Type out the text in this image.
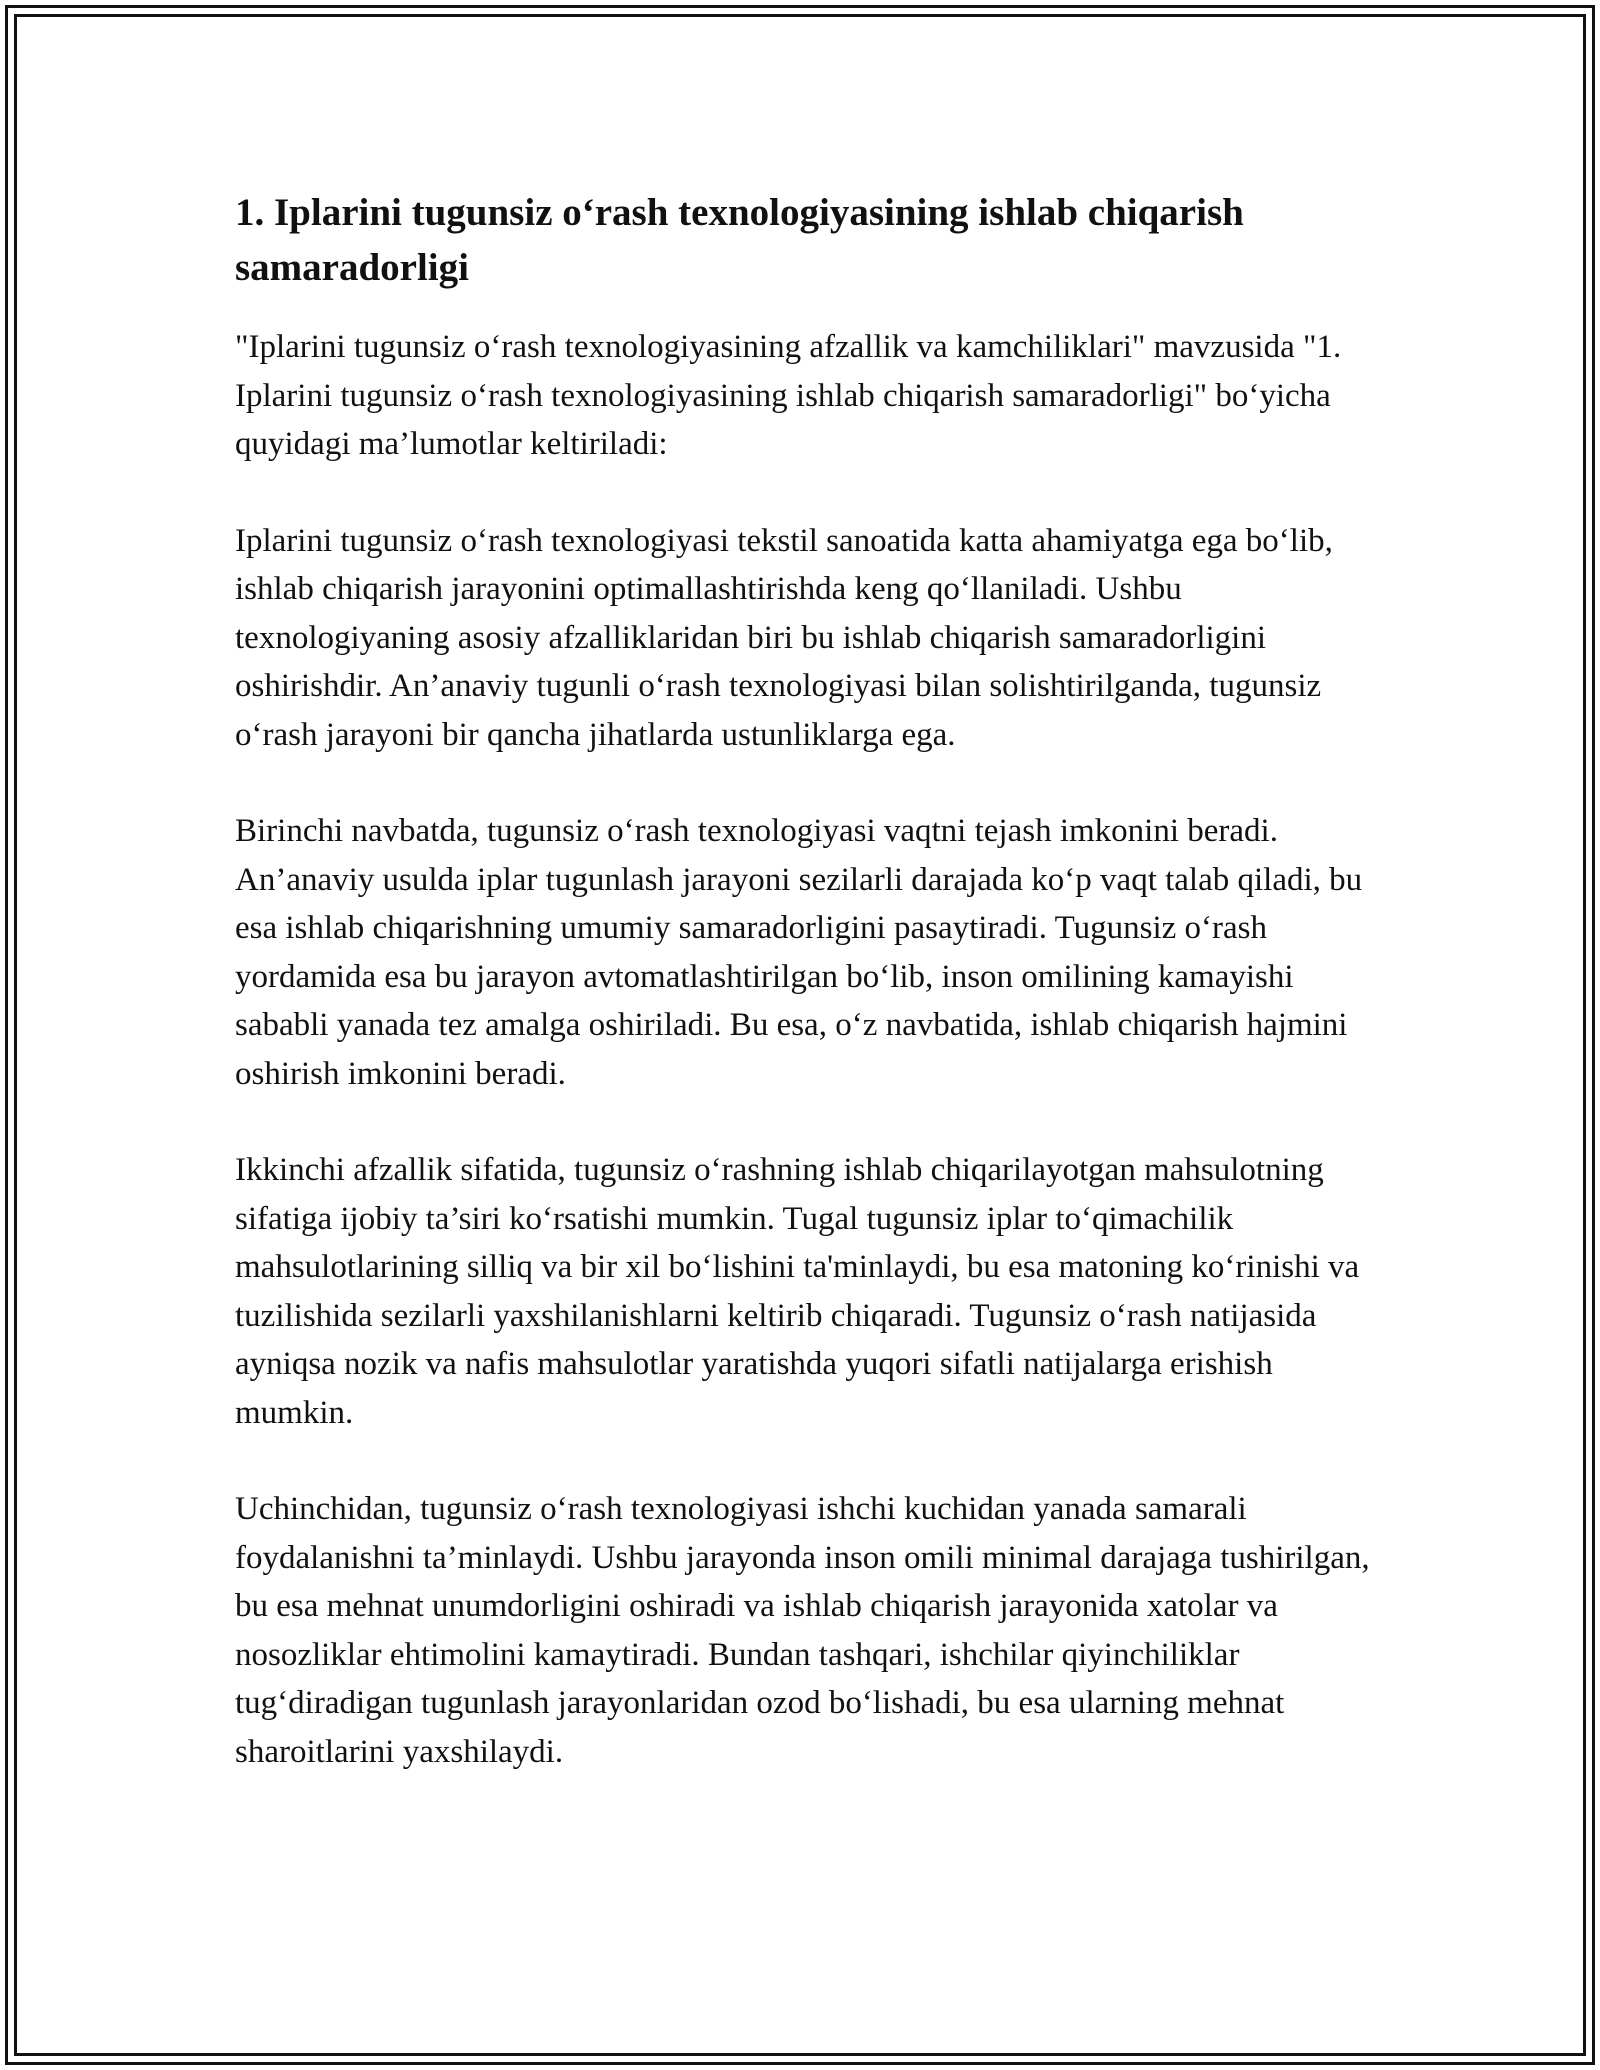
1. Iplarini tugunsiz o‘rash texnologiyasining ishlab chiqarish samaradorligi

"Iplarini tugunsiz o‘rash texnologiyasining afzallik va kamchiliklari" mavzusida "1. Iplarini tugunsiz o‘rash texnologiyasining ishlab chiqarish samaradorligi" bo‘yicha quyidagi ma’lumotlar keltiriladi:

Iplarini tugunsiz o‘rash texnologiyasi tekstil sanoatida katta ahamiyatga ega bo‘lib, ishlab chiqarish jarayonini optimallashtirishda keng qo‘llaniladi. Ushbu texnologiyaning asosiy afzalliklaridan biri bu ishlab chiqarish samaradorligini oshirishdir. An’anaviy tugunli o‘rash texnologiyasi bilan solishtirilganda, tugunsiz o‘rash jarayoni bir qancha jihatlarda ustunliklarga ega.

Birinchi navbatda, tugunsiz o‘rash texnologiyasi vaqtni tejash imkonini beradi. An’anaviy usulda iplar tugunlash jarayoni sezilarli darajada ko‘p vaqt talab qiladi, bu esa ishlab chiqarishning umumiy samaradorligini pasaytiradi. Tugunsiz o‘rash yordamida esa bu jarayon avtomatlashtirilgan bo‘lib, inson omilining kamayishi sababli yanada tez amalga oshiriladi. Bu esa, o‘z navbatida, ishlab chiqarish hajmini oshirish imkonini beradi.

Ikkinchi afzallik sifatida, tugunsiz o‘rashning ishlab chiqarilayotgan mahsulotning sifatiga ijobiy ta’siri ko‘rsatishi mumkin. Tugal tugunsiz iplar to‘qimachilik mahsulotlarining silliq va bir xil bo‘lishini ta'minlaydi, bu esa matoning ko‘rinishi va tuzilishida sezilarli yaxshilanishlarni keltirib chiqaradi. Tugunsiz o‘rash natijasida ayniqsa nozik va nafis mahsulotlar yaratishda yuqori sifatli natijalarga erishish mumkin.

Uchinchidan, tugunsiz o‘rash texnologiyasi ishchi kuchidan yanada samarali foydalanishni ta’minlaydi. Ushbu jarayonda inson omili minimal darajaga tushirilgan, bu esa mehnat unumdorligini oshiradi va ishlab chiqarish jarayonida xatolar va nosozliklar ehtimolini kamaytiradi. Bundan tashqari, ishchilar qiyinchiliklar tug‘diradigan tugunlash jarayonlaridan ozod bo‘lishadi, bu esa ularning mehnat sharoitlarini yaxshilaydi.
